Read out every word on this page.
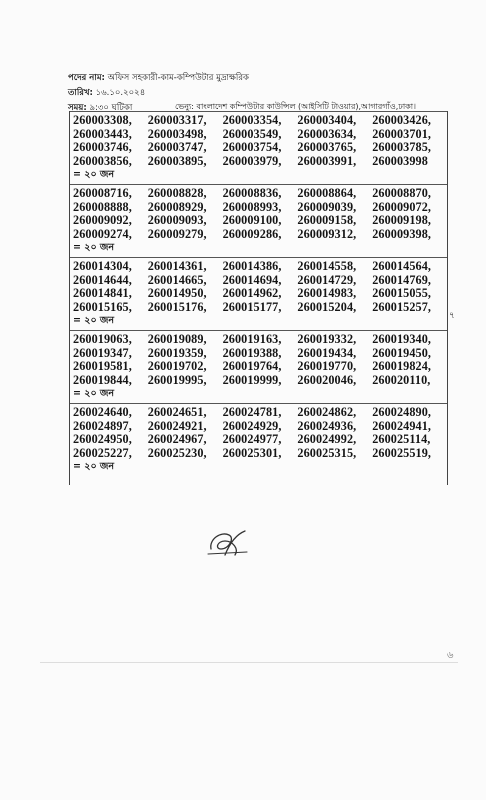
পদের নাম: অফিস সহকারী-কাম-কম্পিউটার মুদ্রাক্ষরিক
তারিখ: ১৬.১০.২০২৪
সময়: ৯:৩০ ঘটিকা	ভেন্যু: বাংলাদেশ কম্পিউটার কাউন্সিল (আইসিটি টাওয়ার),আগারগাঁও,ঢাকা।
260003308,	260003317,	260003354,	260003404,	260003426,
260003443,	260003498,	260003549,	260003634,	260003701,
260003746,	260003747,	260003754,	260003765,	260003785,
260003856,	260003895,	260003979,	260003991,	260003998
= ২০ জন
260008716,	260008828,	260008836,	260008864,	260008870,
260008888,	260008929,	260008993,	260009039,	260009072,
260009092,	260009093,	260009100,	260009158,	260009198,
260009274,	260009279,	260009286,	260009312,	260009398,
= ২০ জন
260014304,	260014361,	260014386,	260014558,	260014564,
260014644,	260014665,	260014694,	260014729,	260014769,
260014841,	260014950,	260014962,	260014983,	260015055,
260015165,	260015176,	260015177,	260015204,	260015257,
= ২০ জন
260019063,	260019089,	260019163,	260019332,	260019340,
260019347,	260019359,	260019388,	260019434,	260019450,
260019581,	260019702,	260019764,	260019770,	260019824,
260019844,	260019995,	260019999,	260020046,	260020110,
= ২০ জন
260024640,	260024651,	260024781,	260024862,	260024890,
260024897,	260024921,	260024929,	260024936,	260024941,
260024950,	260024967,	260024977,	260024992,	260025114,
260025227,	260025230,	260025301,	260025315,	260025519,
= ২০ জন
৭
৬
